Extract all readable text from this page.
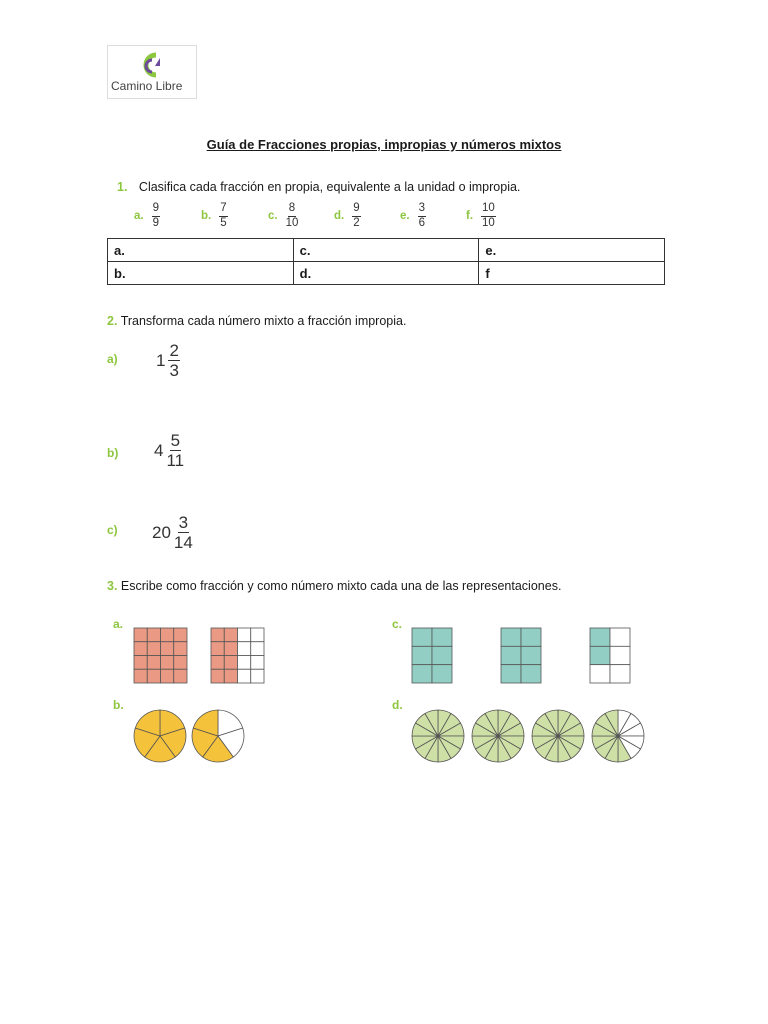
Camino Libre
Guía de Fracciones propias, impropias y números mixtos
1. Clasifica cada fracción en propia, equivalente a la unidad o impropia.
a. $\frac{9}{9}$	b. $\frac{7}{5}$	c. $\frac{8}{10}$	d. $\frac{9}{2}$	e. $\frac{3}{6}$	f. $\frac{10}{10}$
a.	c.	e.
b.	d.	f
2. Transforma cada número mixto a fracción impropia.
a) $1 \frac{2}{3}$
b) $4 \frac{5}{11}$
c) $20 \frac{3}{14}$
3. Escribe como fracción y como número mixto cada una de las representaciones.
a.
b.
c.
d.
